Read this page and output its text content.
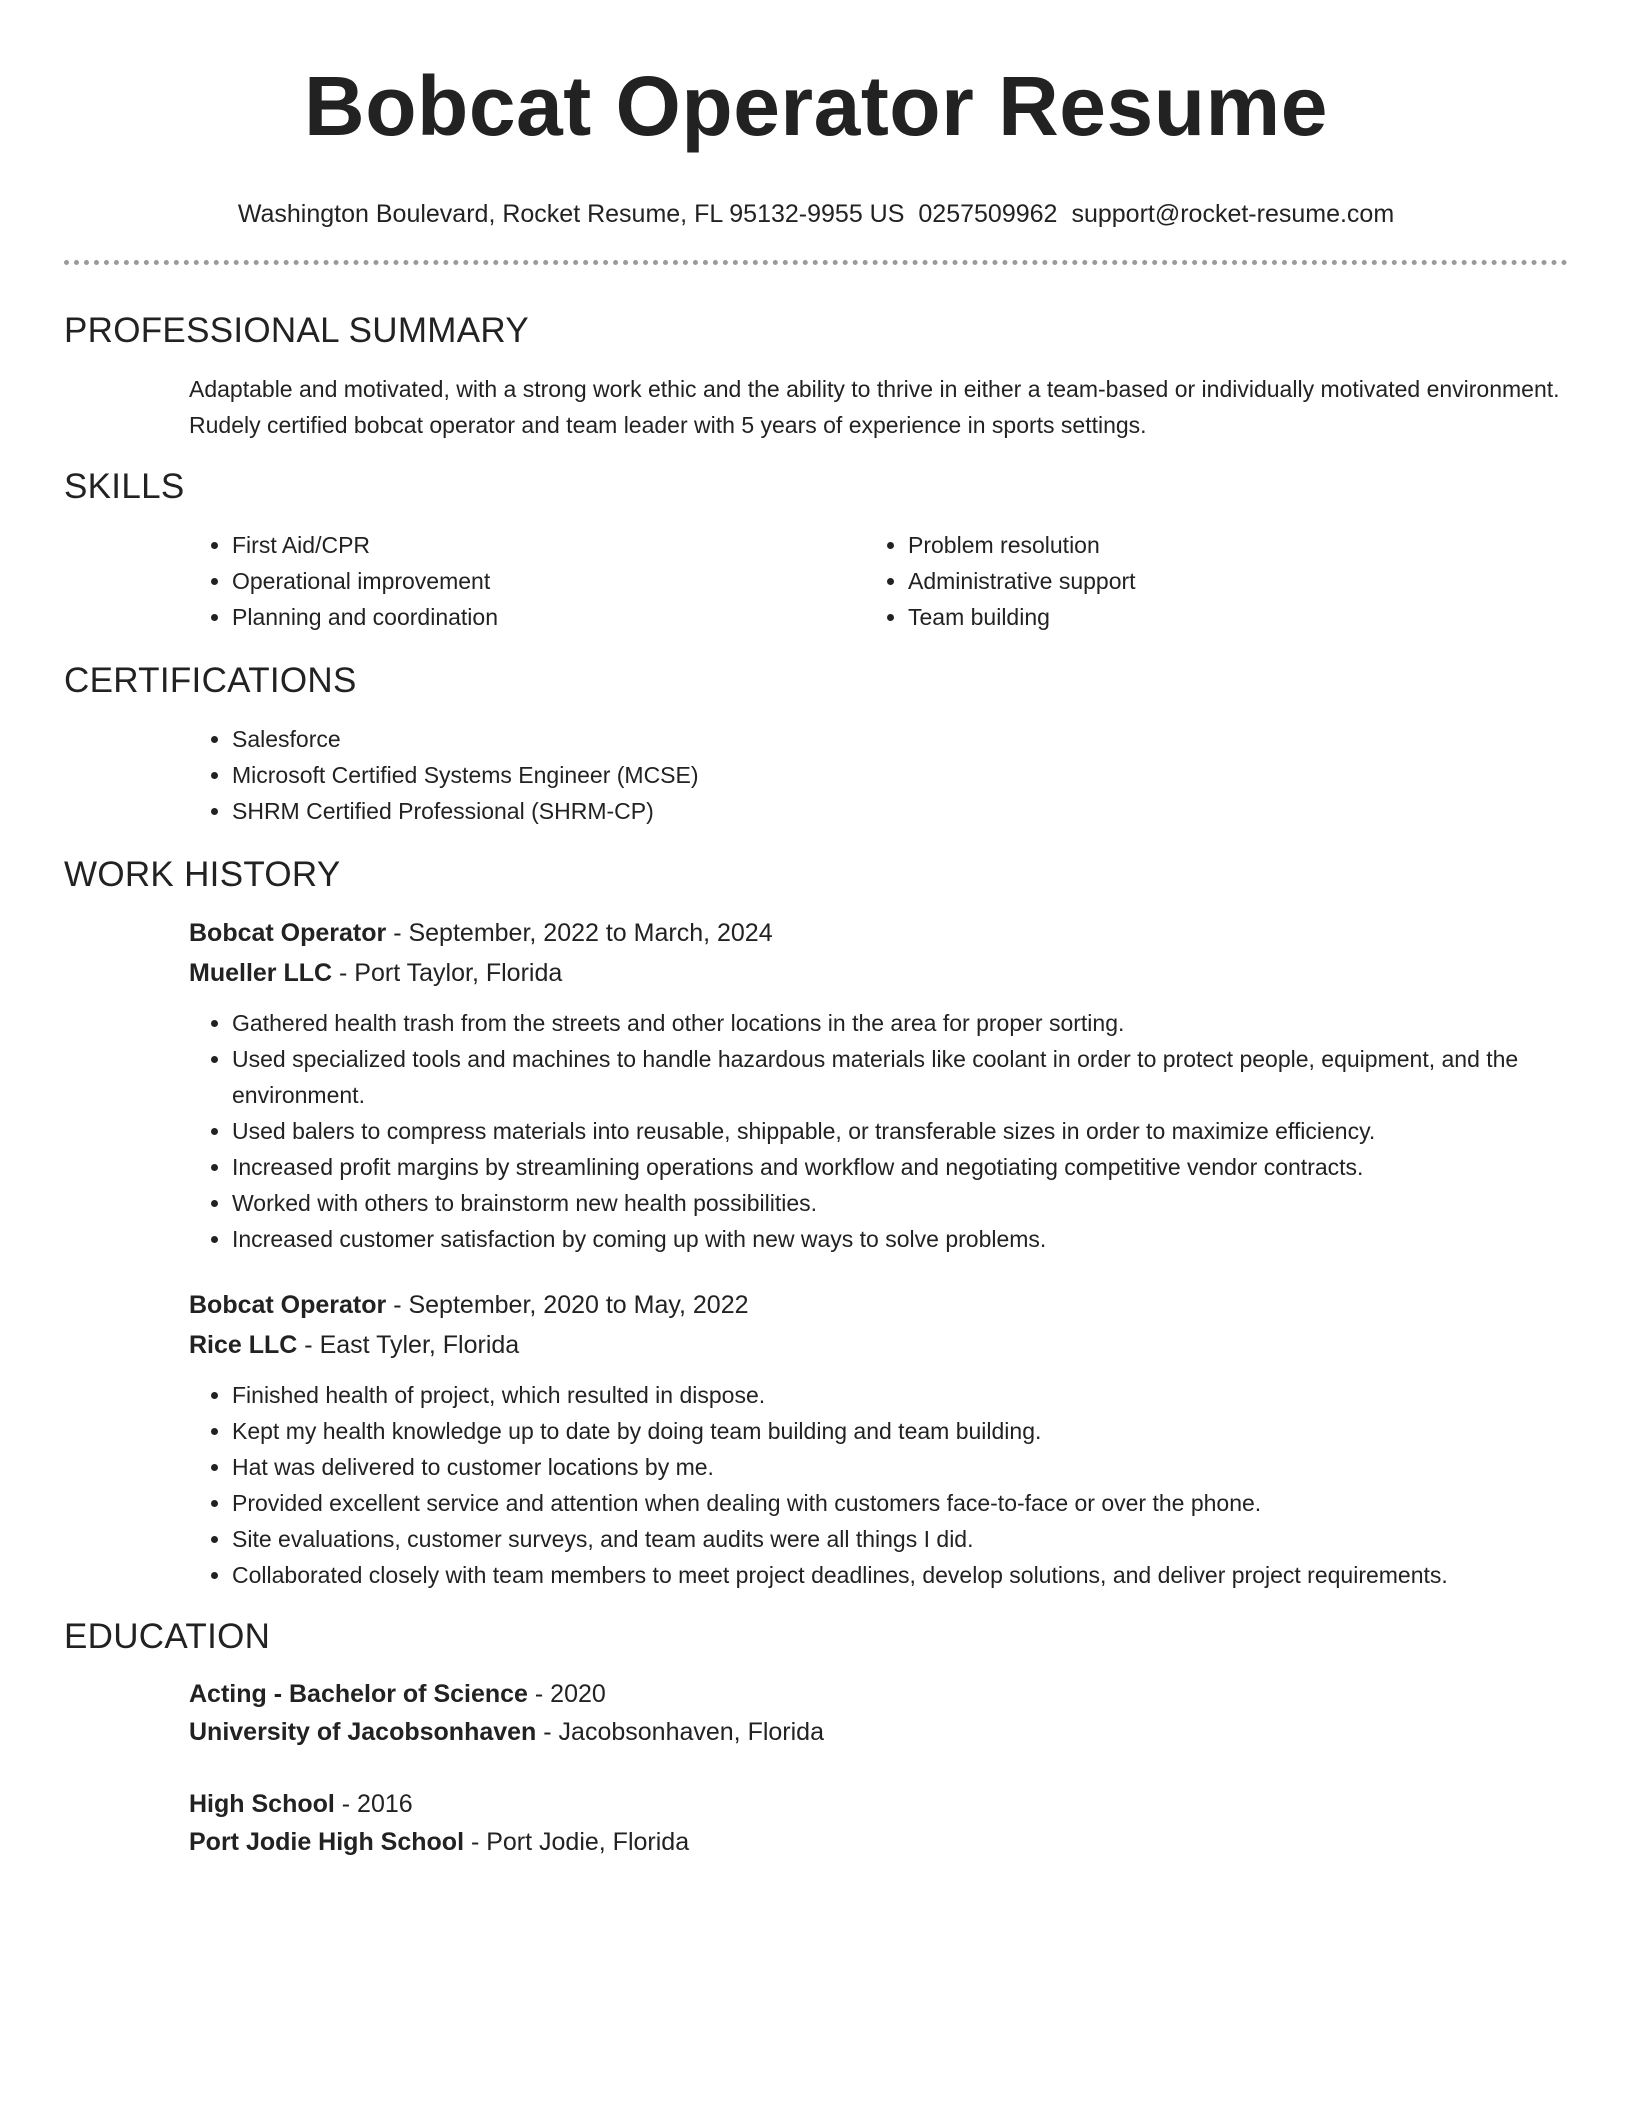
Bobcat Operator Resume
Washington Boulevard, Rocket Resume, FL 95132-9955 US 0257509962 support@rocket-resume.com
PROFESSIONAL SUMMARY
Adaptable and motivated, with a strong work ethic and the ability to thrive in either a team-based or individually motivated environment. Rudely certified bobcat operator and team leader with 5 years of experience in sports settings.
SKILLS
• First Aid/CPR
• Operational improvement
• Planning and coordination
• Problem resolution
• Administrative support
• Team building
CERTIFICATIONS
• Salesforce
• Microsoft Certified Systems Engineer (MCSE)
• SHRM Certified Professional (SHRM-CP)
WORK HISTORY
Bobcat Operator - September, 2022 to March, 2024
Mueller LLC - Port Taylor, Florida
• Gathered health trash from the streets and other locations in the area for proper sorting.
• Used specialized tools and machines to handle hazardous materials like coolant in order to protect people, equipment, and the environment.
• Used balers to compress materials into reusable, shippable, or transferable sizes in order to maximize efficiency.
• Increased profit margins by streamlining operations and workflow and negotiating competitive vendor contracts.
• Worked with others to brainstorm new health possibilities.
• Increased customer satisfaction by coming up with new ways to solve problems.
Bobcat Operator - September, 2020 to May, 2022
Rice LLC - East Tyler, Florida
• Finished health of project, which resulted in dispose.
• Kept my health knowledge up to date by doing team building and team building.
• Hat was delivered to customer locations by me.
• Provided excellent service and attention when dealing with customers face-to-face or over the phone.
• Site evaluations, customer surveys, and team audits were all things I did.
• Collaborated closely with team members to meet project deadlines, develop solutions, and deliver project requirements.
EDUCATION
Acting - Bachelor of Science - 2020
University of Jacobsonhaven - Jacobsonhaven, Florida
High School - 2016
Port Jodie High School - Port Jodie, Florida
